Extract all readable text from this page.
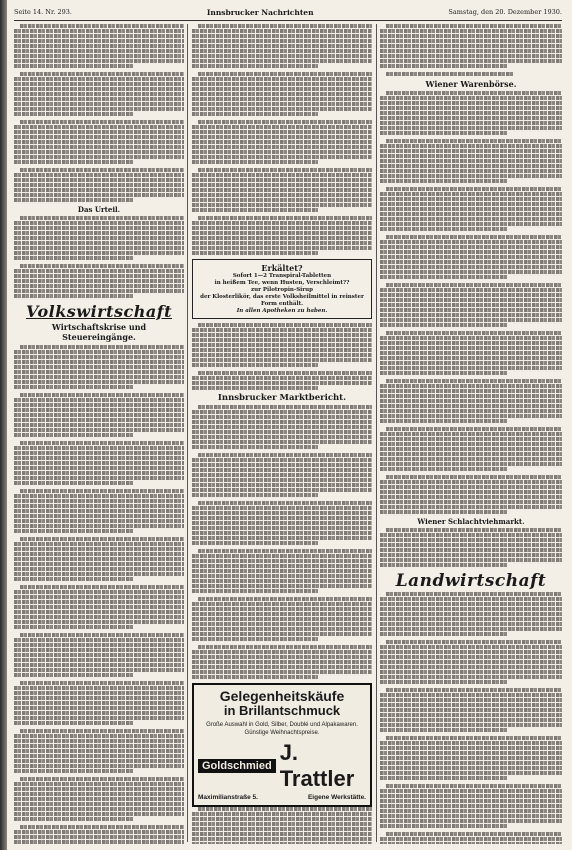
Seite 14. Nr. 293.	Innsbrucker Nachrichten	Samstag, den 20. Dezember 1930.
Das Urteil.
Volkswirtschaft
Wirtschaftskrise und Steuereingänge.
Erkältet?
Sofort 1—2 Transpiral-Tabletten
in heißem Tee, wenn Husten, Verschleimt??
zur Pilotropin-Sirup
der Klosterlikör, das erste Volksheilmittel in reinster Form enthält.
In allen Apotheken zu haben.
Innsbrucker Marktbericht.
Gelegenheitskäufe
in Brillantschmuck
Große Auswahl in Gold, Silber, Doublé und Alpakawaren. Günstige Weihnachtspreise.
Goldschmied
J. Trattler
Maximilianstraße 5.	Eigene Werkstätte.
Wiener Warenbörse.
Wiener Schlachtviehmarkt.
Landwirtschaft
